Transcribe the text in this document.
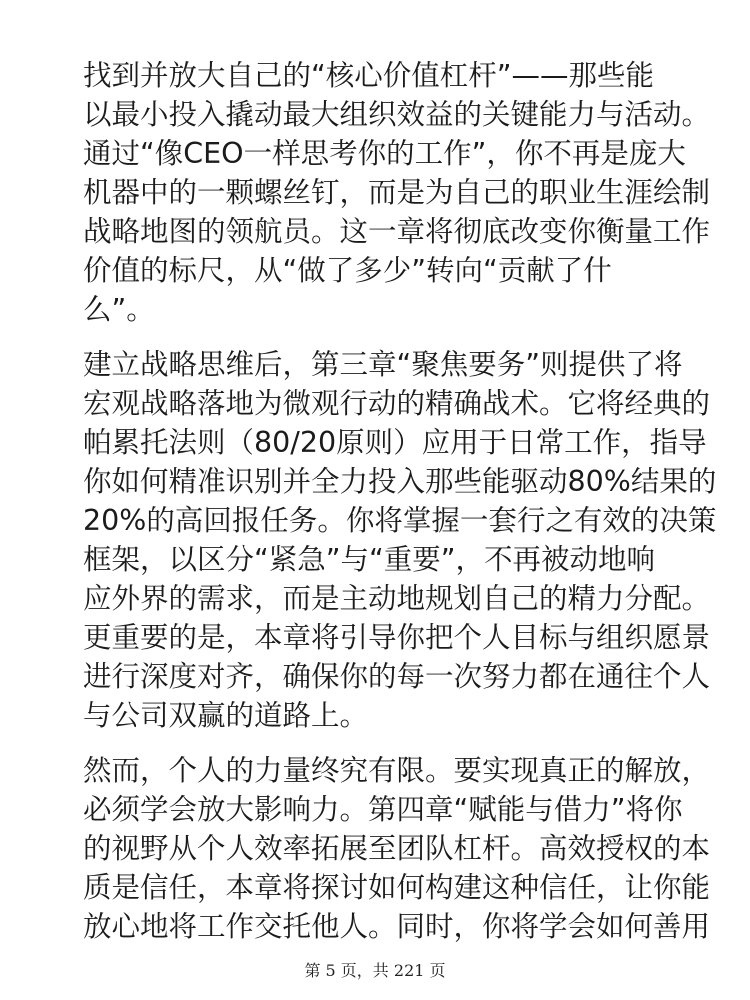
找到并放大自己的“核心价值杠杆”——那些能
以最小投入撬动最大组织效益的关键能力与活动。
通过“像CEO一样思考你的工作”，你不再是庞大
机器中的一颗螺丝钉，而是为自己的职业生涯绘制
战略地图的领航员。这一章将彻底改变你衡量工作
价值的标尺，从“做了多少”转向“贡献了什
么”。

建立战略思维后，第三章“聚焦要务”则提供了将
宏观战略落地为微观行动的精确战术。它将经典的
帕累托法则（80/20原则）应用于日常工作，指导
你如何精准识别并全力投入那些能驱动80%结果的
20%的高回报任务。你将掌握一套行之有效的决策
框架，以区分“紧急”与“重要”，不再被动地响
应外界的需求，而是主动地规划自己的精力分配。
更重要的是，本章将引导你把个人目标与组织愿景
进行深度对齐，确保你的每一次努力都在通往个人
与公司双赢的道路上。

然而，个人的力量终究有限。要实现真正的解放，
必须学会放大影响力。第四章“赋能与借力”将你
的视野从个人效率拓展至团队杠杆。高效授权的本
质是信任，本章将探讨如何构建这种信任，让你能
放心地将工作交托他人。同时，你将学会如何善用

第 5 页，共 221 页
